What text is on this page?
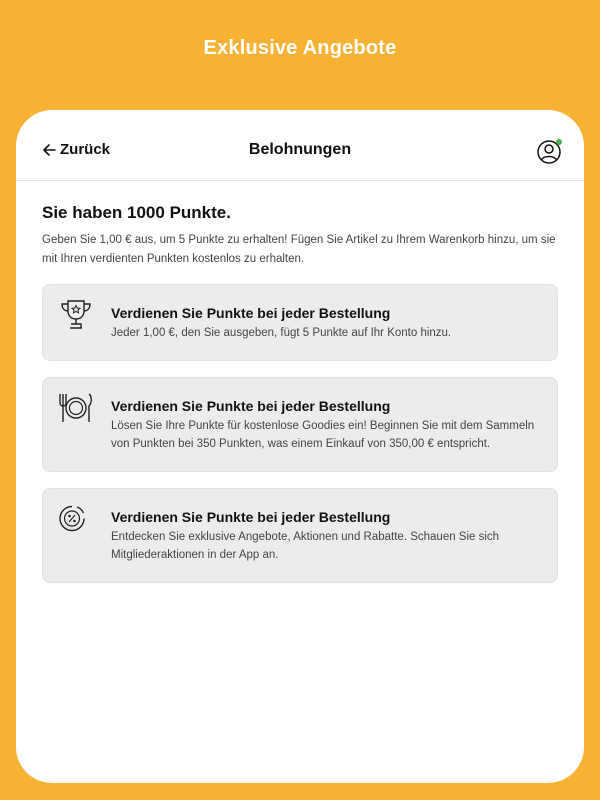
Exklusive Angebote
Zurück	Belohnungen
Sie haben 1000 Punkte.

Geben Sie 1,00 € aus, um 5 Punkte zu erhalten! Fügen Sie Artikel zu Ihrem Warenkorb hinzu, um sie mit Ihren verdienten Punkten kostenlos zu erhalten.

Verdienen Sie Punkte bei jeder Bestellung
Jeder 1,00 €, den Sie ausgeben, fügt 5 Punkte auf Ihr Konto hinzu.
Verdienen Sie Punkte bei jeder Bestellung
Lösen Sie Ihre Punkte für kostenlose Goodies ein! Beginnen Sie mit dem Sammeln von Punkten bei 350 Punkten, was einem Einkauf von 350,00 € entspricht.
Verdienen Sie Punkte bei jeder Bestellung
Entdecken Sie exklusive Angebote, Aktionen und Rabatte. Schauen Sie sich Mitgliederaktionen in der App an.
